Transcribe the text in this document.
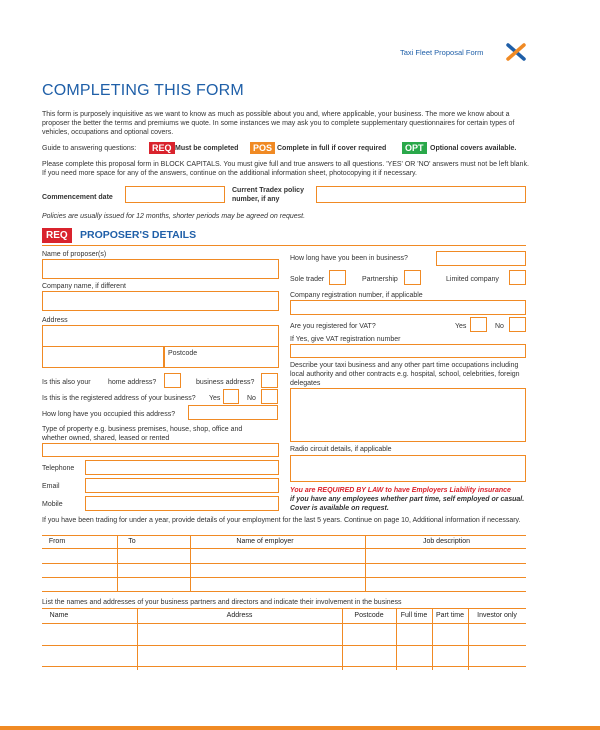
Taxi Fleet Proposal Form
COMPLETING THIS FORM
This form is purposely inquisitive as we want to know as much as possible about you and, where applicable, your business. The more we know about a proposer the better the terms and premiums we quote. In some instances we may ask you to complete supplementary questionnaires for certain types of vehicles, occupations and optional covers.
Guide to answering questions:	REQ Must be completed	POS Complete in full if cover required	OPT Optional covers available.
Please complete this proposal form in BLOCK CAPITALS. You must give full and true answers to all questions. 'YES' OR 'NO' answers must not be left blank. If you need more space for any of the answers, continue on the additional information sheet, photocopying it if necessary.
Commencement date
Current Tradex policy number, if any
Policies are usually issued for 12 months, shorter periods may be agreed on request.
REQ	PROPOSER'S DETAILS
Name of proposer(s)
Company name, if different
Address
Postcode
Is this also your home address?	business address?
Is this is the registered address of your business? Yes	No
How long have you occupied this address?
Type of property e.g. business premises, house, shop, office and whether owned, shared, leased or rented
Telephone
Email
Mobile
How long have you been in business?
Sole trader	Partnership	Limited company
Company registration number, if applicable
Are you registered for VAT?	Yes	No
If Yes, give VAT registration number
Describe your taxi business and any other part time occupations including local authority and other contracts e.g. hospital, school, celebrities, foreign delegates
Radio circuit details, if applicable
You are REQUIRED BY LAW to have Employers Liability insurance
if you have any employees whether part time, self employed or casual. Cover is available on request.
If you have been trading for under a year, provide details of your employment for the last 5 years. Continue on page 10, Additional information if necessary.
From	To	Name of employer	Job description
List the names and addresses of your business partners and directors and indicate their involvement in the business
Name	Address	Postcode	Full time	Part time	Investor only
